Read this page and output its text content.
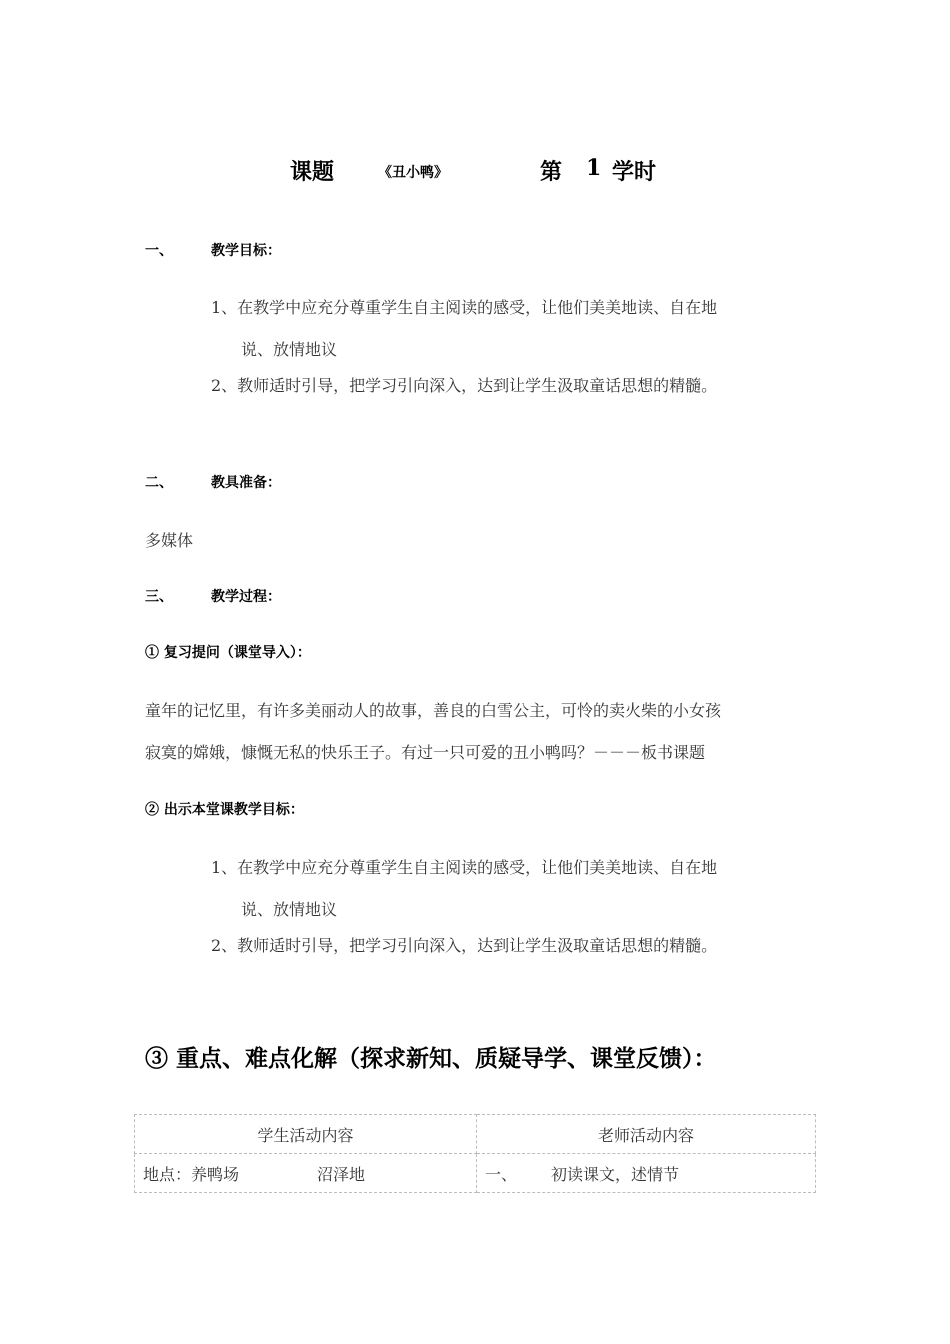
课题	《丑小鸭》	第 1 学时
一、	教学目标：
1、在教学中应充分尊重学生自主阅读的感受，让他们美美地读、自在地
说、放情地议
2、教师适时引导，把学习引向深入，达到让学生汲取童话思想的精髓。
二、	教具准备：
多媒体
三、	教学过程：
① 复习提问（课堂导入）：
童年的记忆里，有许多美丽动人的故事，善良的白雪公主，可怜的卖火柴的小女孩
寂寞的嫦娥，慷慨无私的快乐王子。有过一只可爱的丑小鸭吗？－－－板书课题
② 出示本堂课教学目标：
1、在教学中应充分尊重学生自主阅读的感受，让他们美美地读、自在地
说、放情地议
2、教师适时引导，把学习引向深入，达到让学生汲取童话思想的精髓。
③ 重点、难点化解（探求新知、质疑导学、课堂反馈）：
学生活动内容	老师活动内容
地点：养鸭场 沼泽地	一、 初读课文，述情节
